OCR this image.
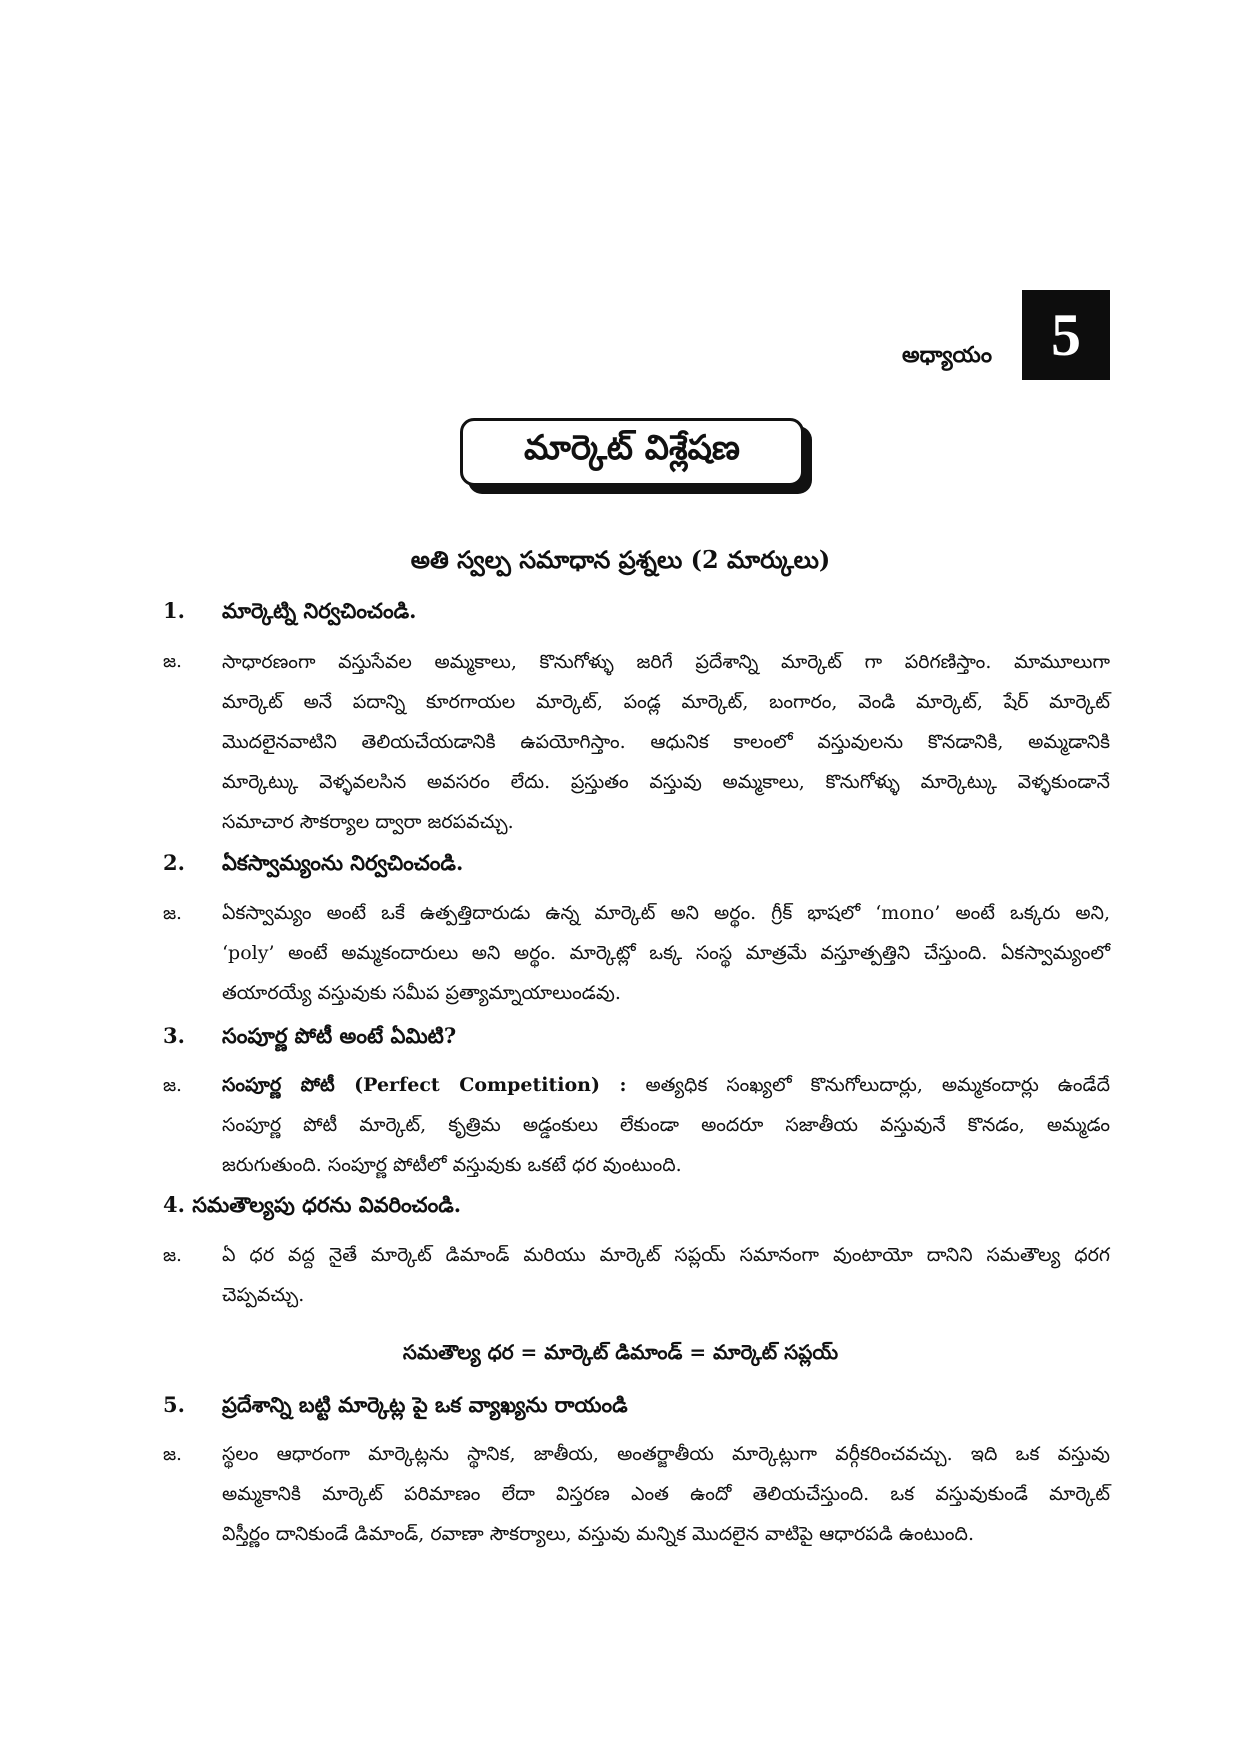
అధ్యాయం 5
మార్కెట్ విశ్లేషణ
అతి స్వల్ప సమాధాన ప్రశ్నలు (2 మార్కులు)
1. మార్కెట్ని నిర్వచించండి.
జ. సాధారణంగా వస్తుసేవల అమ్మకాలు, కొనుగోళ్ళు జరిగే ప్రదేశాన్ని మార్కెట్ గా పరిగణిస్తాం. మామూలుగా
మార్కెట్ అనే పదాన్ని కూరగాయల మార్కెట్, పండ్ల మార్కెట్, బంగారం, వెండి మార్కెట్, షేర్ మార్కెట్
మొదలైనవాటిని తెలియచేయడానికి ఉపయోగిస్తాం. ఆధునిక కాలంలో వస్తువులను కొనడానికి, అమ్మడానికి
మార్కెట్కు వెళ్ళవలసిన అవసరం లేదు. ప్రస్తుతం వస్తువు అమ్మకాలు, కొనుగోళ్ళు మార్కెట్కు వెళ్ళకుండానే
సమాచార సౌకర్యాల ద్వారా జరపవచ్చు.
2. ఏకస్వామ్యంను నిర్వచించండి.
జ. ఏకస్వామ్యం అంటే ఒకే ఉత్పత్తిదారుడు ఉన్న మార్కెట్ అని అర్థం. గ్రీక్ భాషలో ‘mono’ అంటే ఒక్కరు అని,
‘poly’ అంటే అమ్మకందారులు అని అర్థం. మార్కెట్లో ఒక్క సంస్థ మాత్రమే వస్తూత్పత్తిని చేస్తుంది. ఏకస్వామ్యంలో
తయారయ్యే వస్తువుకు సమీప ప్రత్యామ్నాయాలుండవు.
3. సంపూర్ణ పోటీ అంటే ఏమిటి?
జ. సంపూర్ణ పోటీ (Perfect Competition) : అత్యధిక సంఖ్యలో కొనుగోలుదార్లు, అమ్మకందార్లు ఉండేదే
సంపూర్ణ పోటీ మార్కెట్, కృత్రిమ అడ్డంకులు లేకుండా అందరూ సజాతీయ వస్తువునే కొనడం, అమ్మడం
జరుగుతుంది. సంపూర్ణ పోటీలో వస్తువుకు ఒకటే ధర వుంటుంది.
4. సమతౌల్యపు ధరను వివరించండి.
జ. ఏ ధర వద్ద నైతే మార్కెట్ డిమాండ్ మరియు మార్కెట్ సప్లయ్ సమానంగా వుంటాయో దానిని సమతౌల్య ధరగ
చెప్పవచ్చు.
సమతౌల్య ధర = మార్కెట్ డిమాండ్ = మార్కెట్ సప్లయ్
5. ప్రదేశాన్ని బట్టి మార్కెట్ల పై ఒక వ్యాఖ్యను రాయండి
జ. స్థలం ఆధారంగా మార్కెట్లను స్థానిక, జాతీయ, అంతర్జాతీయ మార్కెట్లుగా వర్గీకరించవచ్చు. ఇది ఒక వస్తువు
అమ్మకానికి మార్కెట్ పరిమాణం లేదా విస్తరణ ఎంత ఉందో తెలియచేస్తుంది. ఒక వస్తువుకుండే మార్కెట్
విస్తీర్ణం దానికుండే డిమాండ్, రవాణా సౌకర్యాలు, వస్తువు మన్నిక మొదలైన వాటిపై ఆధారపడి ఉంటుంది.
